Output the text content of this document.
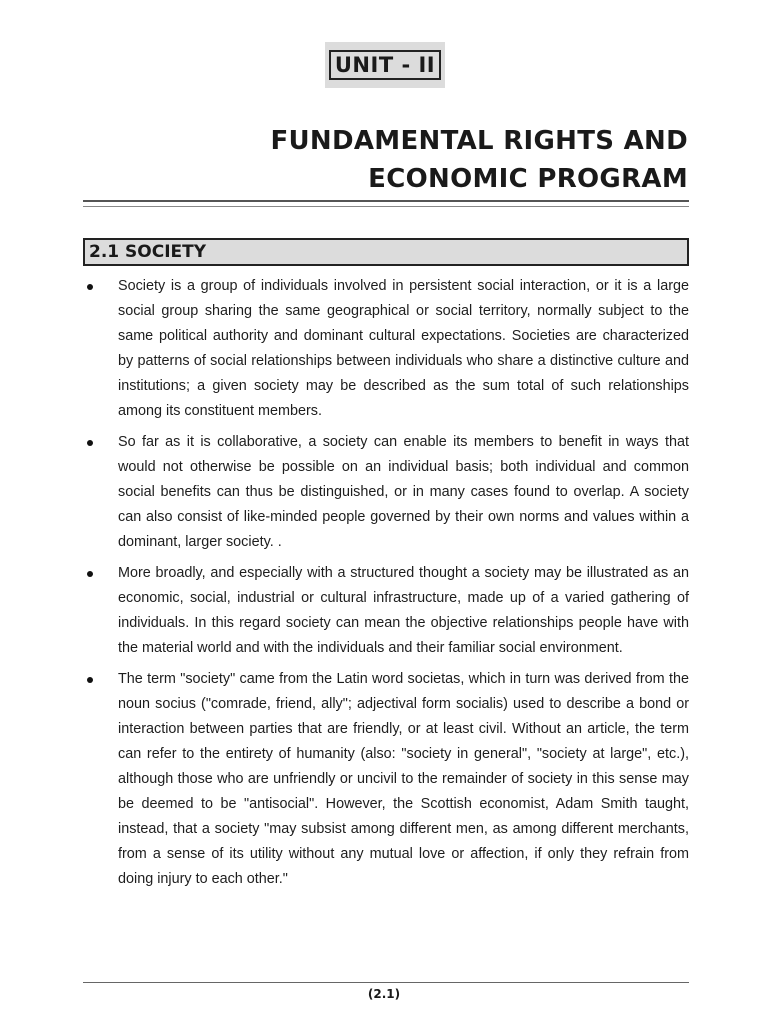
UNIT - II
FUNDAMENTAL RIGHTS AND
ECONOMIC PROGRAM
2.1 SOCIETY
Society is a group of individuals involved in persistent social interaction, or it is a large social group sharing the same geographical or social territory, normally subject to the same political authority and dominant cultural expectations. Societies are characterized by patterns of social relationships between individuals who share a distinctive culture and institutions; a given society may be described as the sum total of such relationships among its constituent members.
So far as it is collaborative, a society can enable its members to benefit in ways that would not otherwise be possible on an individual basis; both individual and common social benefits can thus be distinguished, or in many cases found to overlap. A society can also consist of like-minded people governed by their own norms and values within a dominant, larger society. .
More broadly, and especially with a structured thought a society may be illustrated as an economic, social, industrial or cultural infrastructure, made up of a varied gathering of individuals. In this regard society can mean the objective relationships people have with the material world and with the individuals and their familiar social environment.
The term "society" came from the Latin word societas, which in turn was derived from the noun socius ("comrade, friend, ally"; adjectival form socialis) used to describe a bond or interaction between parties that are friendly, or at least civil. Without an article, the term can refer to the entirety of humanity (also: "society in general", "society at large", etc.), although those who are unfriendly or uncivil to the remainder of society in this sense may be deemed to be "antisocial". However, the Scottish economist, Adam Smith taught, instead, that a society "may subsist among different men, as among different merchants, from a sense of its utility without any mutual love or affection, if only they refrain from doing injury to each other."
(2.1)
